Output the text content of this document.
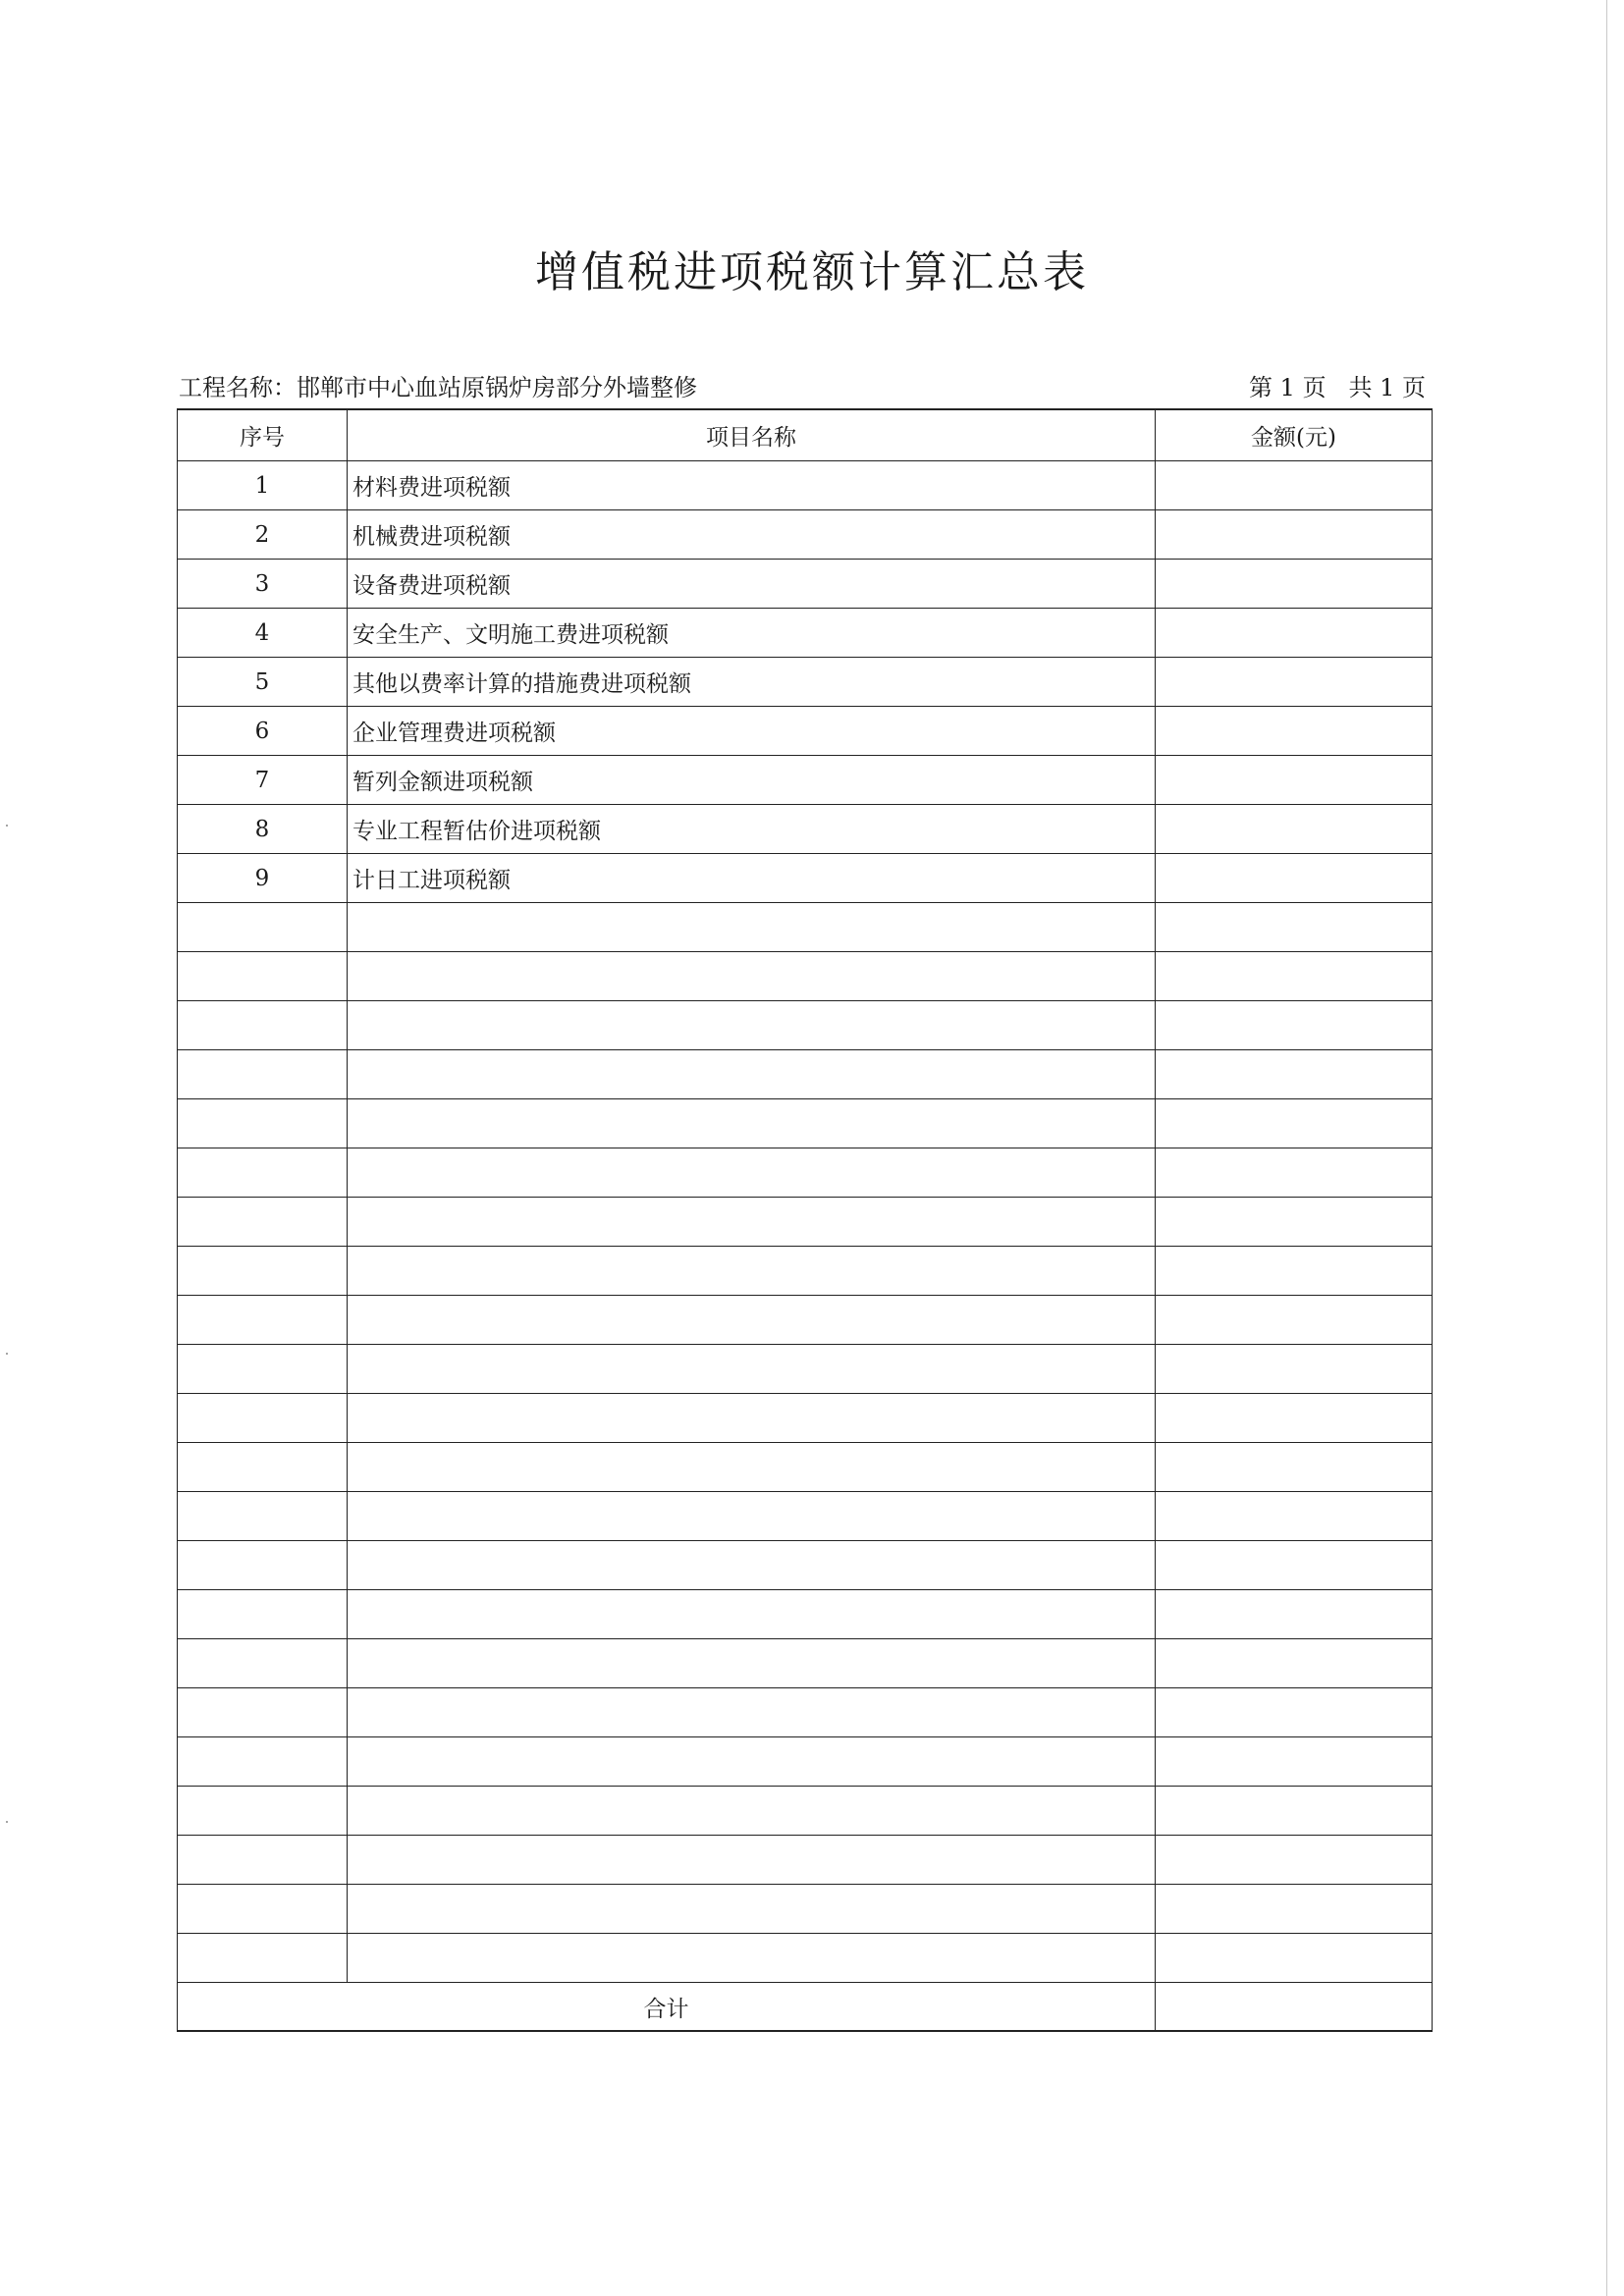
增值税进项税额计算汇总表
工程名称：邯郸市中心血站原锅炉房部分外墙整修	第 1 页   共 1 页
序号	项目名称	金额(元)
1	材料费进项税额	
2	机械费进项税额	
3	设备费进项税额	
4	安全生产、文明施工费进项税额	
5	其他以费率计算的措施费进项税额	
6	企业管理费进项税额	
7	暂列金额进项税额	
8	专业工程暂估价进项税额	
9	计日工进项税额	

合计		
